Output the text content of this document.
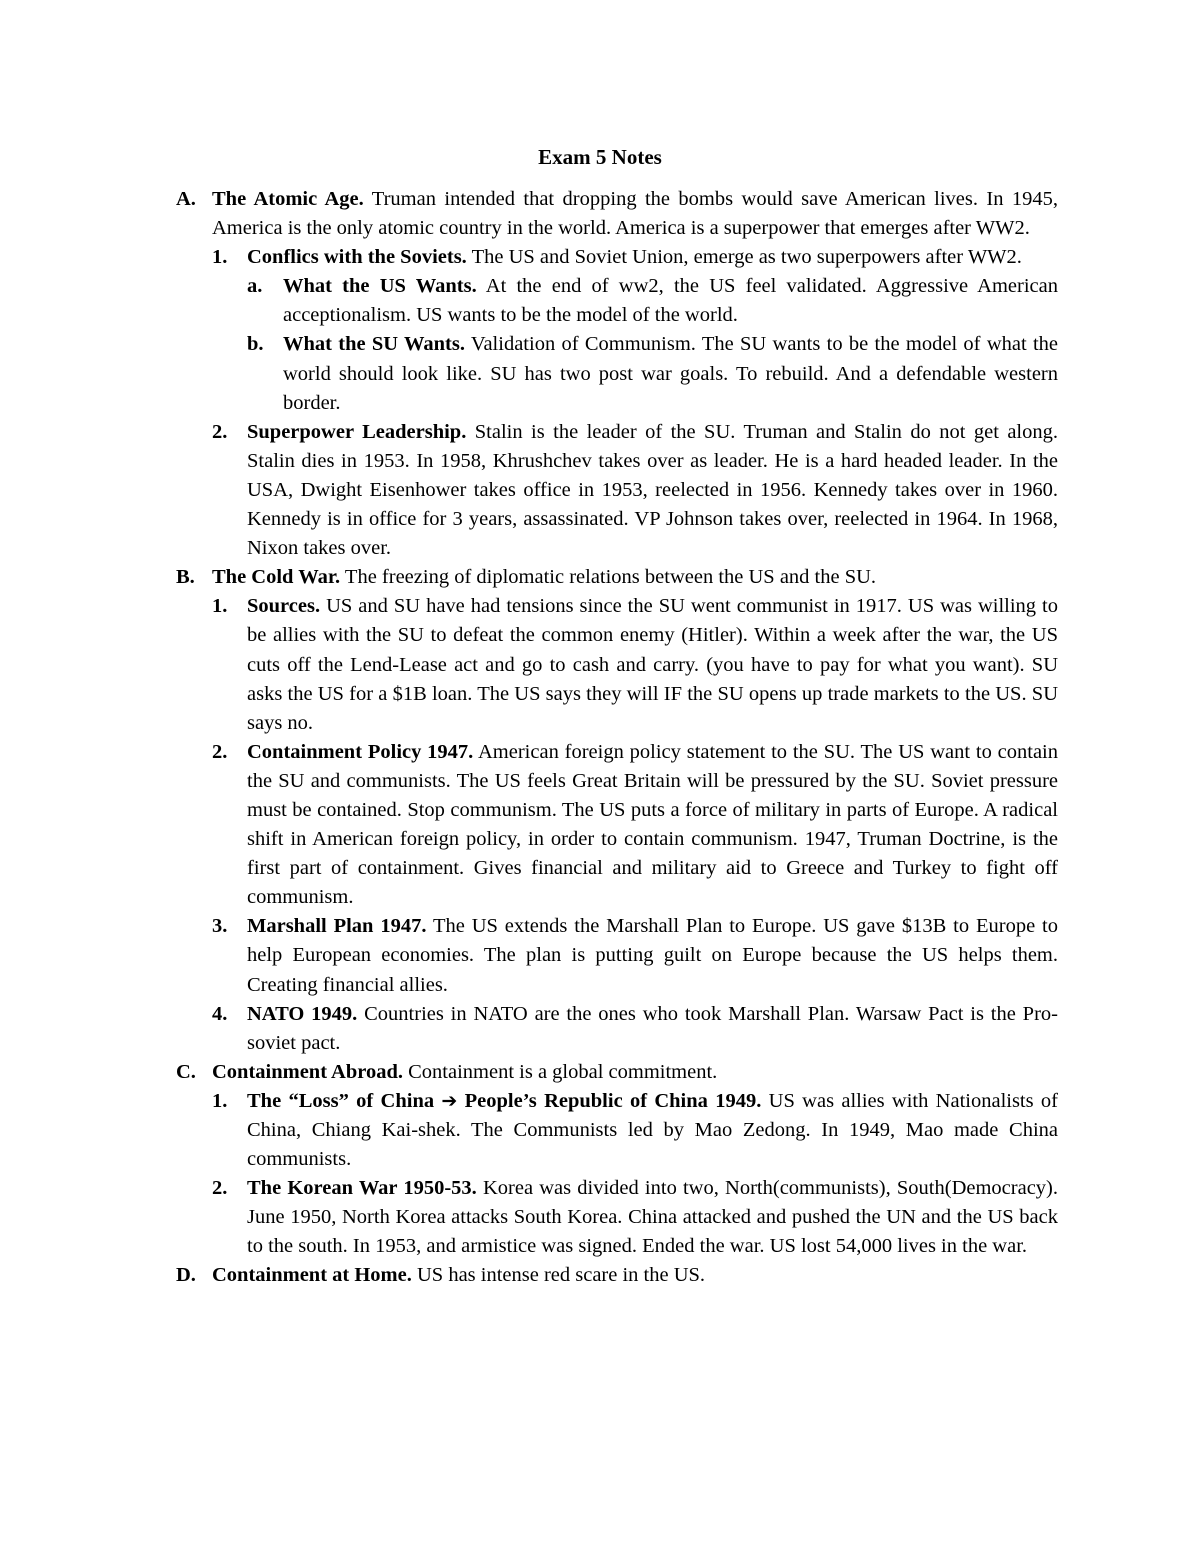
Exam 5 Notes
A. The Atomic Age. Truman intended that dropping the bombs would save American lives. In 1945, America is the only atomic country in the world. America is a superpower that emerges after WW2.
1. Conflics with the Soviets. The US and Soviet Union, emerge as two superpowers after WW2.
a. What the US Wants. At the end of ww2, the US feel validated. Aggressive American acceptionalism. US wants to be the model of the world.
b. What the SU Wants. Validation of Communism. The SU wants to be the model of what the world should look like. SU has two post war goals. To rebuild. And a defendable western border.
2. Superpower Leadership. Stalin is the leader of the SU. Truman and Stalin do not get along. Stalin dies in 1953. In 1958, Khrushchev takes over as leader. He is a hard headed leader. In the USA, Dwight Eisenhower takes office in 1953, reelected in 1956. Kennedy takes over in 1960. Kennedy is in office for 3 years, assassinated. VP Johnson takes over, reelected in 1964. In 1968, Nixon takes over.
B. The Cold War. The freezing of diplomatic relations between the US and the SU.
1. Sources. US and SU have had tensions since the SU went communist in 1917. US was willing to be allies with the SU to defeat the common enemy (Hitler). Within a week after the war, the US cuts off the Lend-Lease act and go to cash and carry. (you have to pay for what you want). SU asks the US for a $1B loan. The US says they will IF the SU opens up trade markets to the US. SU says no.
2. Containment Policy 1947. American foreign policy statement to the SU. The US want to contain the SU and communists. The US feels Great Britain will be pressured by the SU. Soviet pressure must be contained. Stop communism. The US puts a force of military in parts of Europe. A radical shift in American foreign policy, in order to contain communism. 1947, Truman Doctrine, is the first part of containment. Gives financial and military aid to Greece and Turkey to fight off communism.
3. Marshall Plan 1947. The US extends the Marshall Plan to Europe. US gave $13B to Europe to help European economies. The plan is putting guilt on Europe because the US helps them. Creating financial allies.
4. NATO 1949. Countries in NATO are the ones who took Marshall Plan. Warsaw Pact is the Pro-soviet pact.
C. Containment Abroad. Containment is a global commitment.
1. The “Loss” of China ➔ People’s Republic of China 1949. US was allies with Nationalists of China, Chiang Kai-shek. The Communists led by Mao Zedong. In 1949, Mao made China communists.
2. The Korean War 1950-53. Korea was divided into two, North(communists), South(Democracy). June 1950, North Korea attacks South Korea. China attacked and pushed the UN and the US back to the south. In 1953, and armistice was signed. Ended the war. US lost 54,000 lives in the war.
D. Containment at Home. US has intense red scare in the US.
